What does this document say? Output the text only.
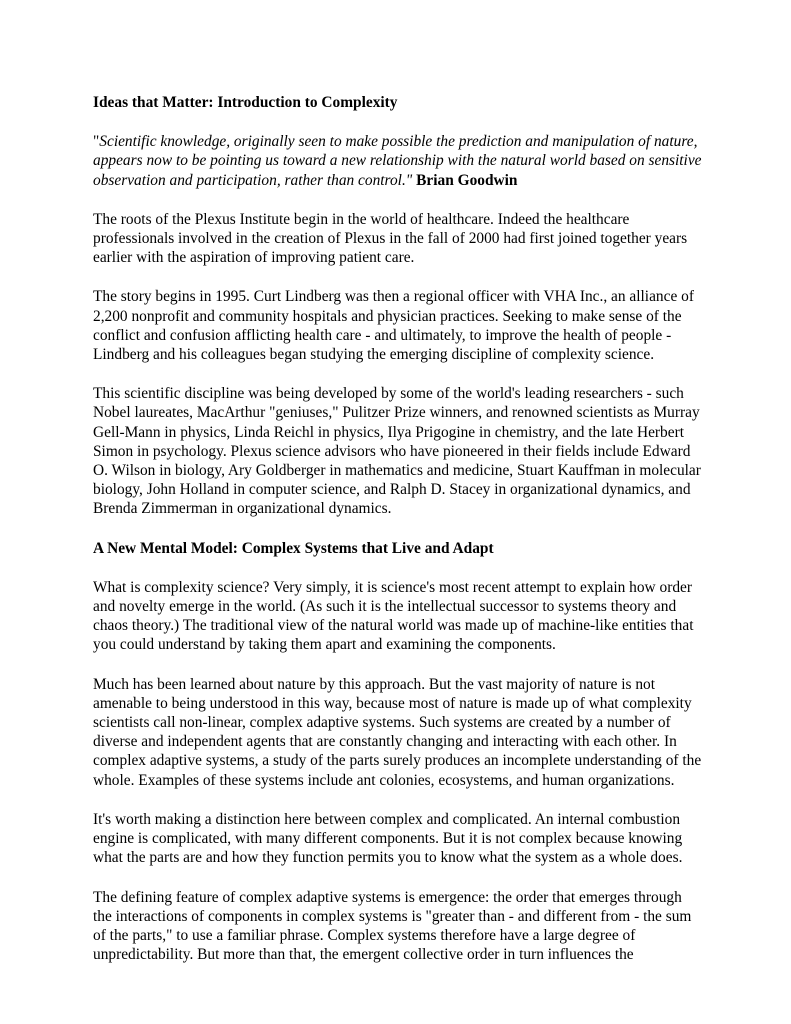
Ideas that Matter: Introduction to Complexity

"Scientific knowledge, originally seen to make possible the prediction and manipulation of nature, appears now to be pointing us toward a new relationship with the natural world based on sensitive observation and participation, rather than control." Brian Goodwin

The roots of the Plexus Institute begin in the world of healthcare. Indeed the healthcare professionals involved in the creation of Plexus in the fall of 2000 had first joined together years earlier with the aspiration of improving patient care.

The story begins in 1995. Curt Lindberg was then a regional officer with VHA Inc., an alliance of 2,200 nonprofit and community hospitals and physician practices. Seeking to make sense of the conflict and confusion afflicting health care - and ultimately, to improve the health of people - Lindberg and his colleagues began studying the emerging discipline of complexity science.

This scientific discipline was being developed by some of the world's leading researchers - such Nobel laureates, MacArthur "geniuses," Pulitzer Prize winners, and renowned scientists as Murray Gell-Mann in physics, Linda Reichl in physics, Ilya Prigogine in chemistry, and the late Herbert Simon in psychology. Plexus science advisors who have pioneered in their fields include Edward O. Wilson in biology, Ary Goldberger in mathematics and medicine, Stuart Kauffman in molecular biology, John Holland in computer science, and Ralph D. Stacey in organizational dynamics, and Brenda Zimmerman in organizational dynamics.

A New Mental Model: Complex Systems that Live and Adapt

What is complexity science? Very simply, it is science's most recent attempt to explain how order and novelty emerge in the world. (As such it is the intellectual successor to systems theory and chaos theory.) The traditional view of the natural world was made up of machine-like entities that you could understand by taking them apart and examining the components.

Much has been learned about nature by this approach. But the vast majority of nature is not amenable to being understood in this way, because most of nature is made up of what complexity scientists call non-linear, complex adaptive systems. Such systems are created by a number of diverse and independent agents that are constantly changing and interacting with each other. In complex adaptive systems, a study of the parts surely produces an incomplete understanding of the whole. Examples of these systems include ant colonies, ecosystems, and human organizations.

It's worth making a distinction here between complex and complicated. An internal combustion engine is complicated, with many different components. But it is not complex because knowing what the parts are and how they function permits you to know what the system as a whole does.

The defining feature of complex adaptive systems is emergence: the order that emerges through the interactions of components in complex systems is "greater than - and different from - the sum of the parts," to use a familiar phrase. Complex systems therefore have a large degree of unpredictability. But more than that, the emergent collective order in turn influences the
